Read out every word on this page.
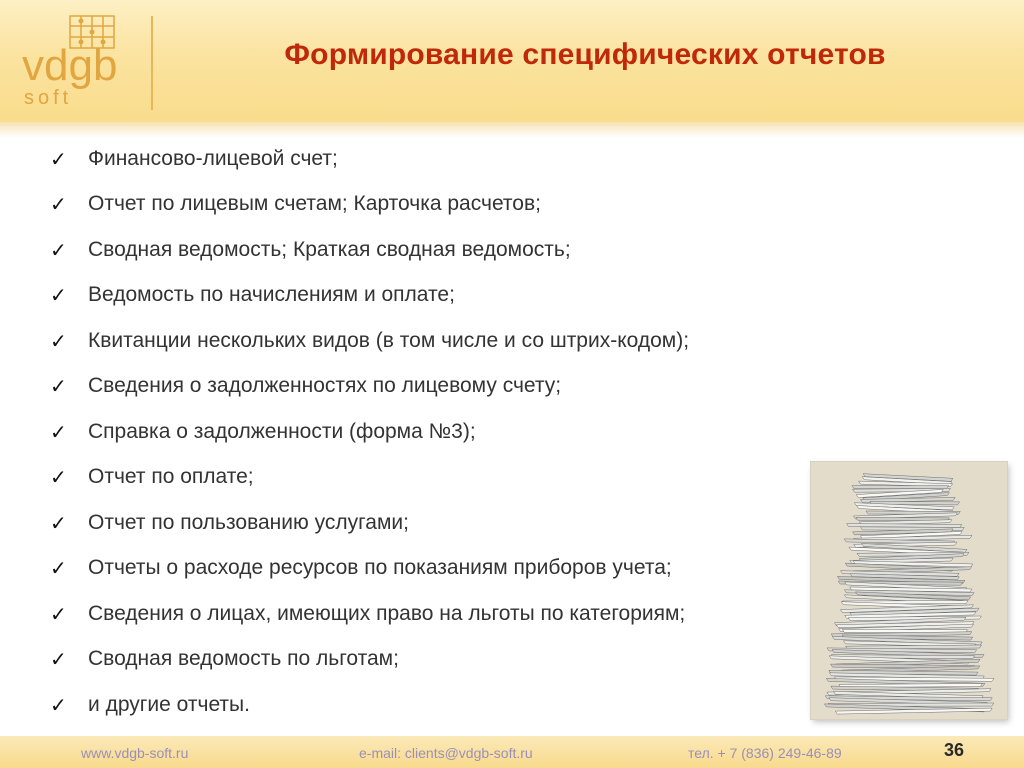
vdgb
soft
Формирование специфических отчетов
✓	Финансово-лицевой счет;
✓	Отчет по лицевым счетам; Карточка расчетов;
✓	Сводная ведомость; Краткая сводная ведомость;
✓	Ведомость по начислениям и оплате;
✓	Квитанции нескольких видов (в том числе и со штрих-кодом);
✓	Сведения о задолженностях по лицевому счету;
✓	Справка о задолженности (форма №3);
✓	Отчет по оплате;
✓	Отчет по пользованию услугами;
✓	Отчеты о расходе ресурсов по показаниям приборов учета;
✓	Сведения о лицах, имеющих право на льготы по категориям;
✓	Сводная ведомость по льготам;
✓	и другие отчеты.
www.vdgb-soft.ru	e-mail: clients@vdgb-soft.ru	тел. + 7 (836) 249-46-89	36
